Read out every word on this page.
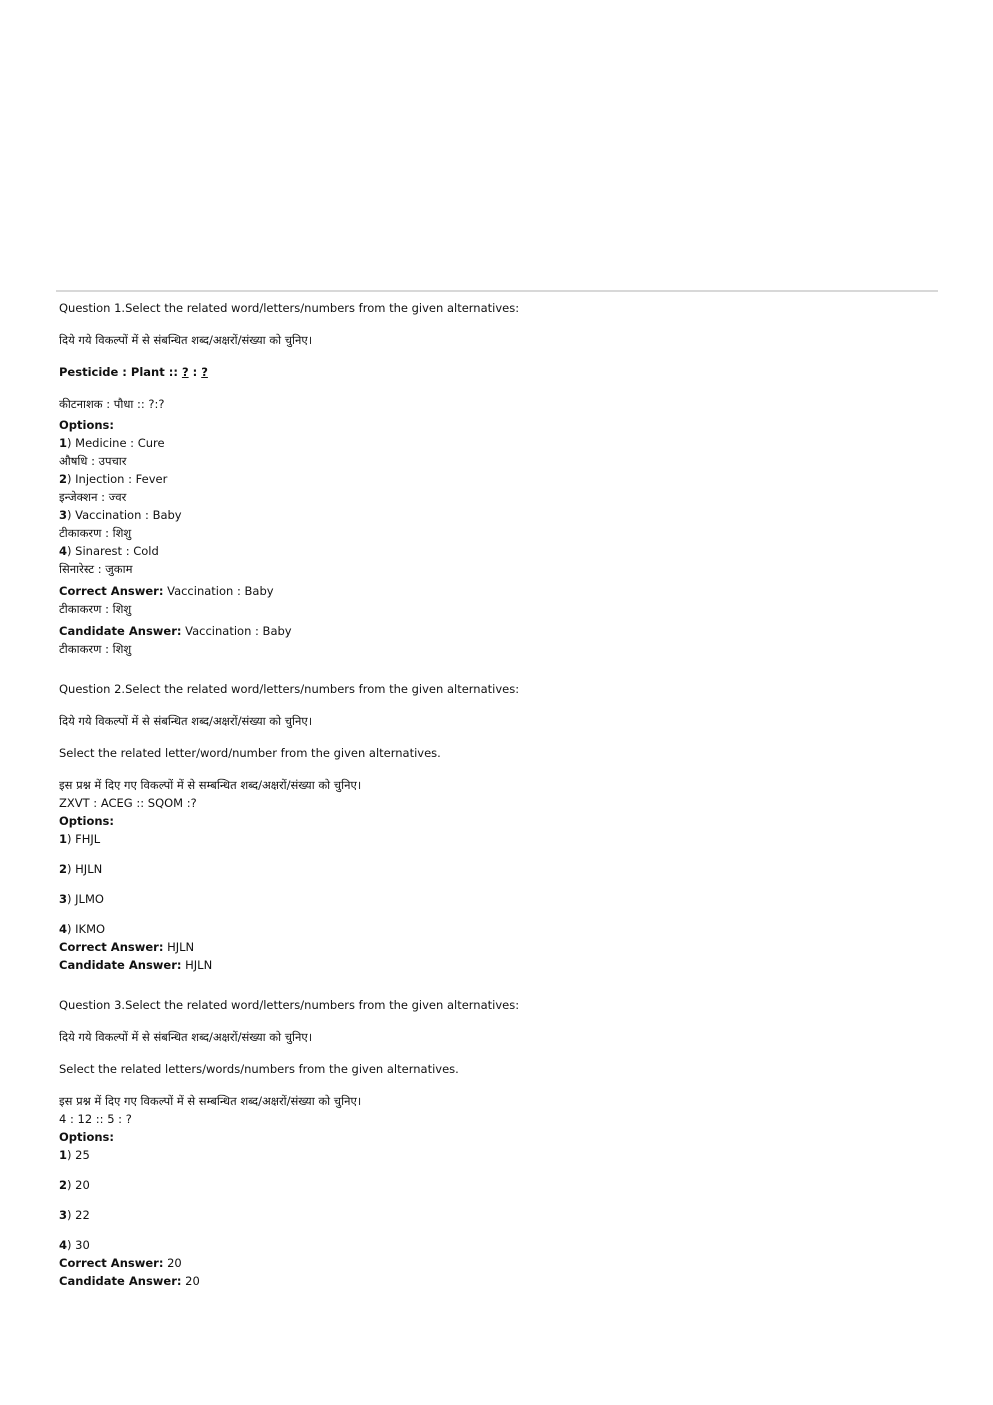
Question 1.Select the related word/letters/numbers from the given alternatives:

दिये गये विकल्पों में से संबन्धित शब्द/अक्षरों/संख्या को चुनिए।

Pesticide : Plant :: ? : ?

कीटनाशक : पौधा :: ?:?

Options:

1) Medicine : Cure

औषधि : उपचार

2) Injection : Fever

इन्जेक्शन : ज्वर

3) Vaccination : Baby

टीकाकरण : शिशु

4) Sinarest : Cold

सिनारेस्ट : जुकाम

Correct Answer: Vaccination : Baby

टीकाकरण : शिशु

Candidate Answer: Vaccination : Baby

टीकाकरण : शिशु

Question 2.Select the related word/letters/numbers from the given alternatives:

दिये गये विकल्पों में से संबन्धित शब्द/अक्षरों/संख्या को चुनिए।

Select the related letter/word/number from the given alternatives.

इस प्रश्न में दिए गए विकल्पों में से सम्बन्धित शब्द/अक्षरों/संख्या को चुनिए।

ZXVT : ACEG :: SQOM :?

Options:

1) FHJL

2) HJLN

3) JLMO

4) IKMO

Correct Answer: HJLN

Candidate Answer: HJLN

Question 3.Select the related word/letters/numbers from the given alternatives:

दिये गये विकल्पों में से संबन्धित शब्द/अक्षरों/संख्या को चुनिए।

Select the related letters/words/numbers from the given alternatives.

इस प्रश्न में दिए गए विकल्पों में से सम्बन्धित शब्द/अक्षरों/संख्या को चुनिए।

4 : 12 :: 5 : ?

Options:

1) 25

2) 20

3) 22

4) 30

Correct Answer: 20

Candidate Answer: 20
